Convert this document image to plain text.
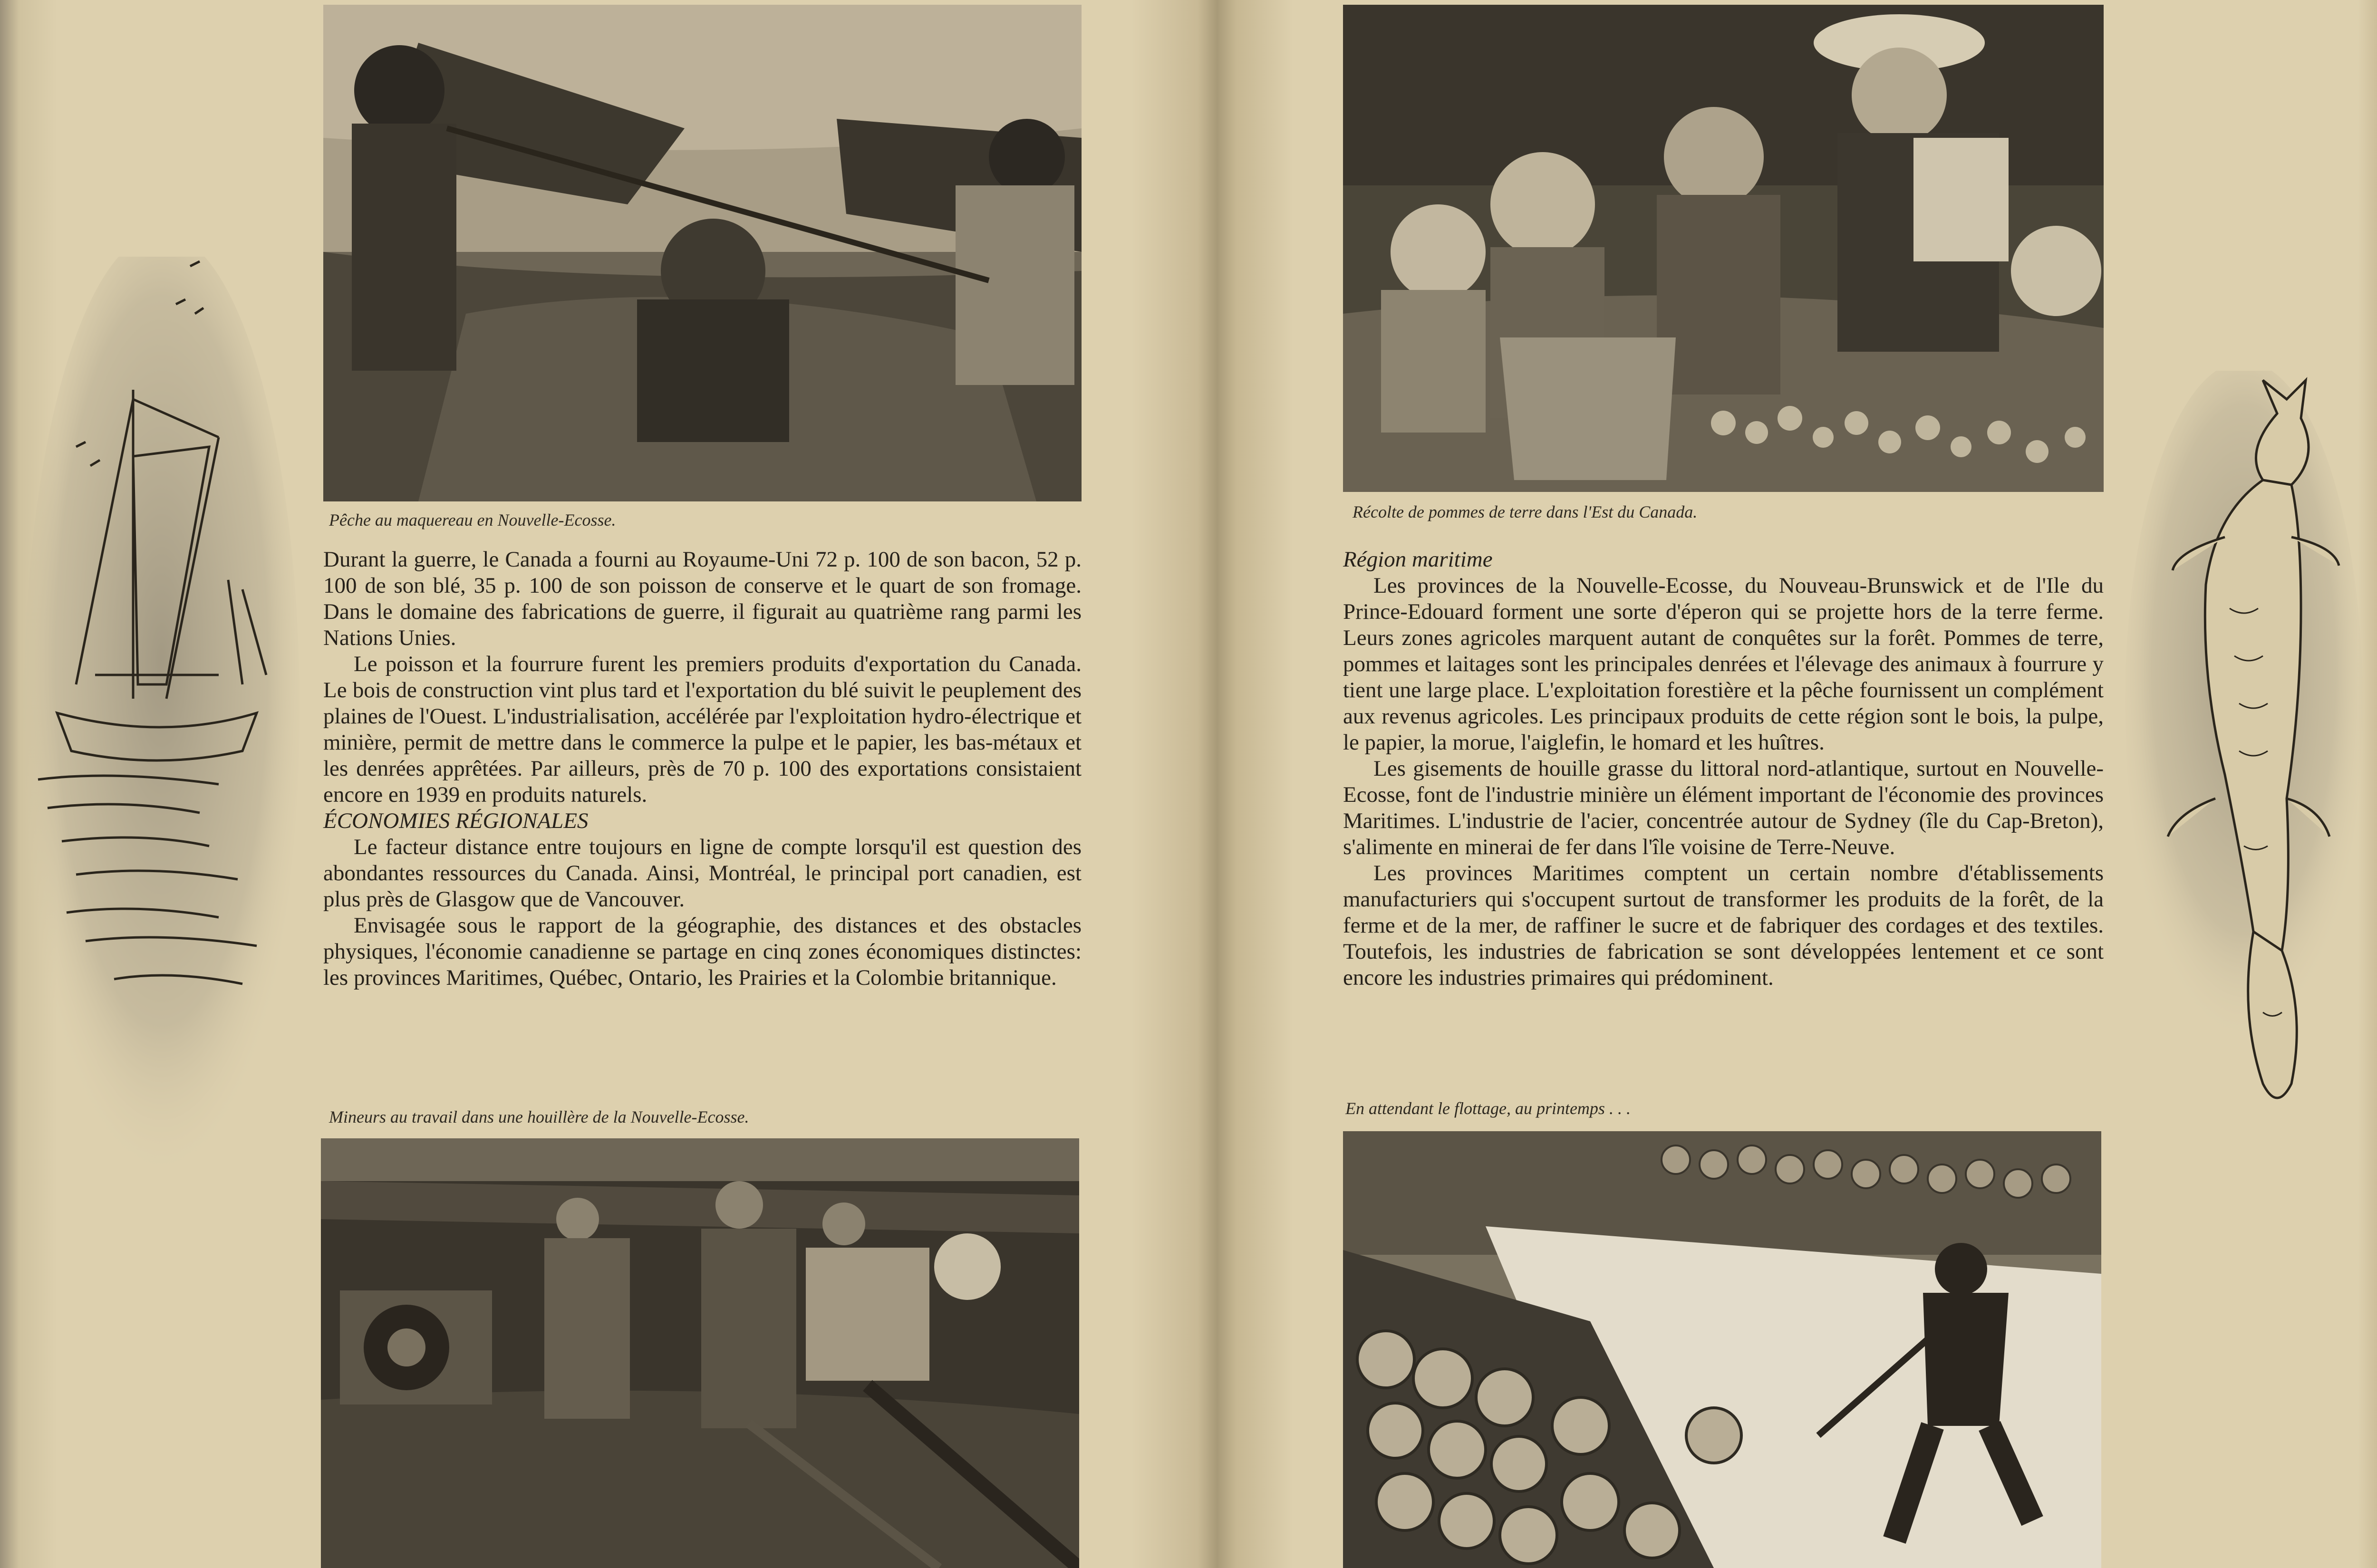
Pêche au maquereau en Nouvelle-Ecosse.

Durant la guerre, le Canada a fourni au Royaume-Uni 72 p. 100 de son bacon, 52 p. 100 de son blé, 35 p. 100 de son poisson de conserve et le quart de son fromage. Dans le domaine des fabrications de guerre, il figurait au quatrième rang parmi les Nations Unies.

Le poisson et la fourrure furent les premiers produits d'exportation du Canada. Le bois de construction vint plus tard et l'exportation du blé suivit le peuplement des plaines de l'Ouest. L'industrialisation, accélérée par l'exploitation hydro-électrique et minière, permit de mettre dans le commerce la pulpe et le papier, les bas-métaux et les denrées apprêtées. Par ailleurs, près de 70 p. 100 des exportations consistaient encore en 1939 en produits naturels.

ÉCONOMIES RÉGIONALES

Le facteur distance entre toujours en ligne de compte lorsqu'il est question des abondantes ressources du Canada. Ainsi, Montréal, le principal port canadien, est plus près de Glasgow que de Vancouver.

Envisagée sous le rapport de la géographie, des distances et des obstacles physiques, l'économie canadienne se partage en cinq zones économiques distinctes: les provinces Maritimes, Québec, Ontario, les Prairies et la Colombie britannique.

Mineurs au travail dans une houillère de la Nouvelle-Ecosse.

Récolte de pommes de terre dans l'Est du Canada.

Région maritime

Les provinces de la Nouvelle-Ecosse, du Nouveau-Brunswick et de l'Ile du Prince-Edouard forment une sorte d'éperon qui se projette hors de la terre ferme. Leurs zones agricoles marquent autant de conquêtes sur la forêt. Pommes de terre, pommes et laitages sont les principales denrées et l'élevage des animaux à fourrure y tient une large place. L'exploitation forestière et la pêche fournissent un complément aux revenus agricoles. Les principaux produits de cette région sont le bois, la pulpe, le papier, la morue, l'aiglefin, le homard et les huîtres.

Les gisements de houille grasse du littoral nord-atlantique, surtout en Nouvelle-Ecosse, font de l'industrie minière un élément important de l'économie des provinces Maritimes. L'industrie de l'acier, concentrée autour de Sydney (île du Cap-Breton), s'alimente en minerai de fer dans l'île voisine de Terre-Neuve.

Les provinces Maritimes comptent un certain nombre d'établissements manufacturiers qui s'occupent surtout de transformer les produits de la forêt, de la ferme et de la mer, de raffiner le sucre et de fabriquer des cordages et des textiles. Toutefois, les industries de fabrication se sont développées lentement et ce sont encore les industries primaires qui prédominent.

En attendant le flottage, au printemps . . .
